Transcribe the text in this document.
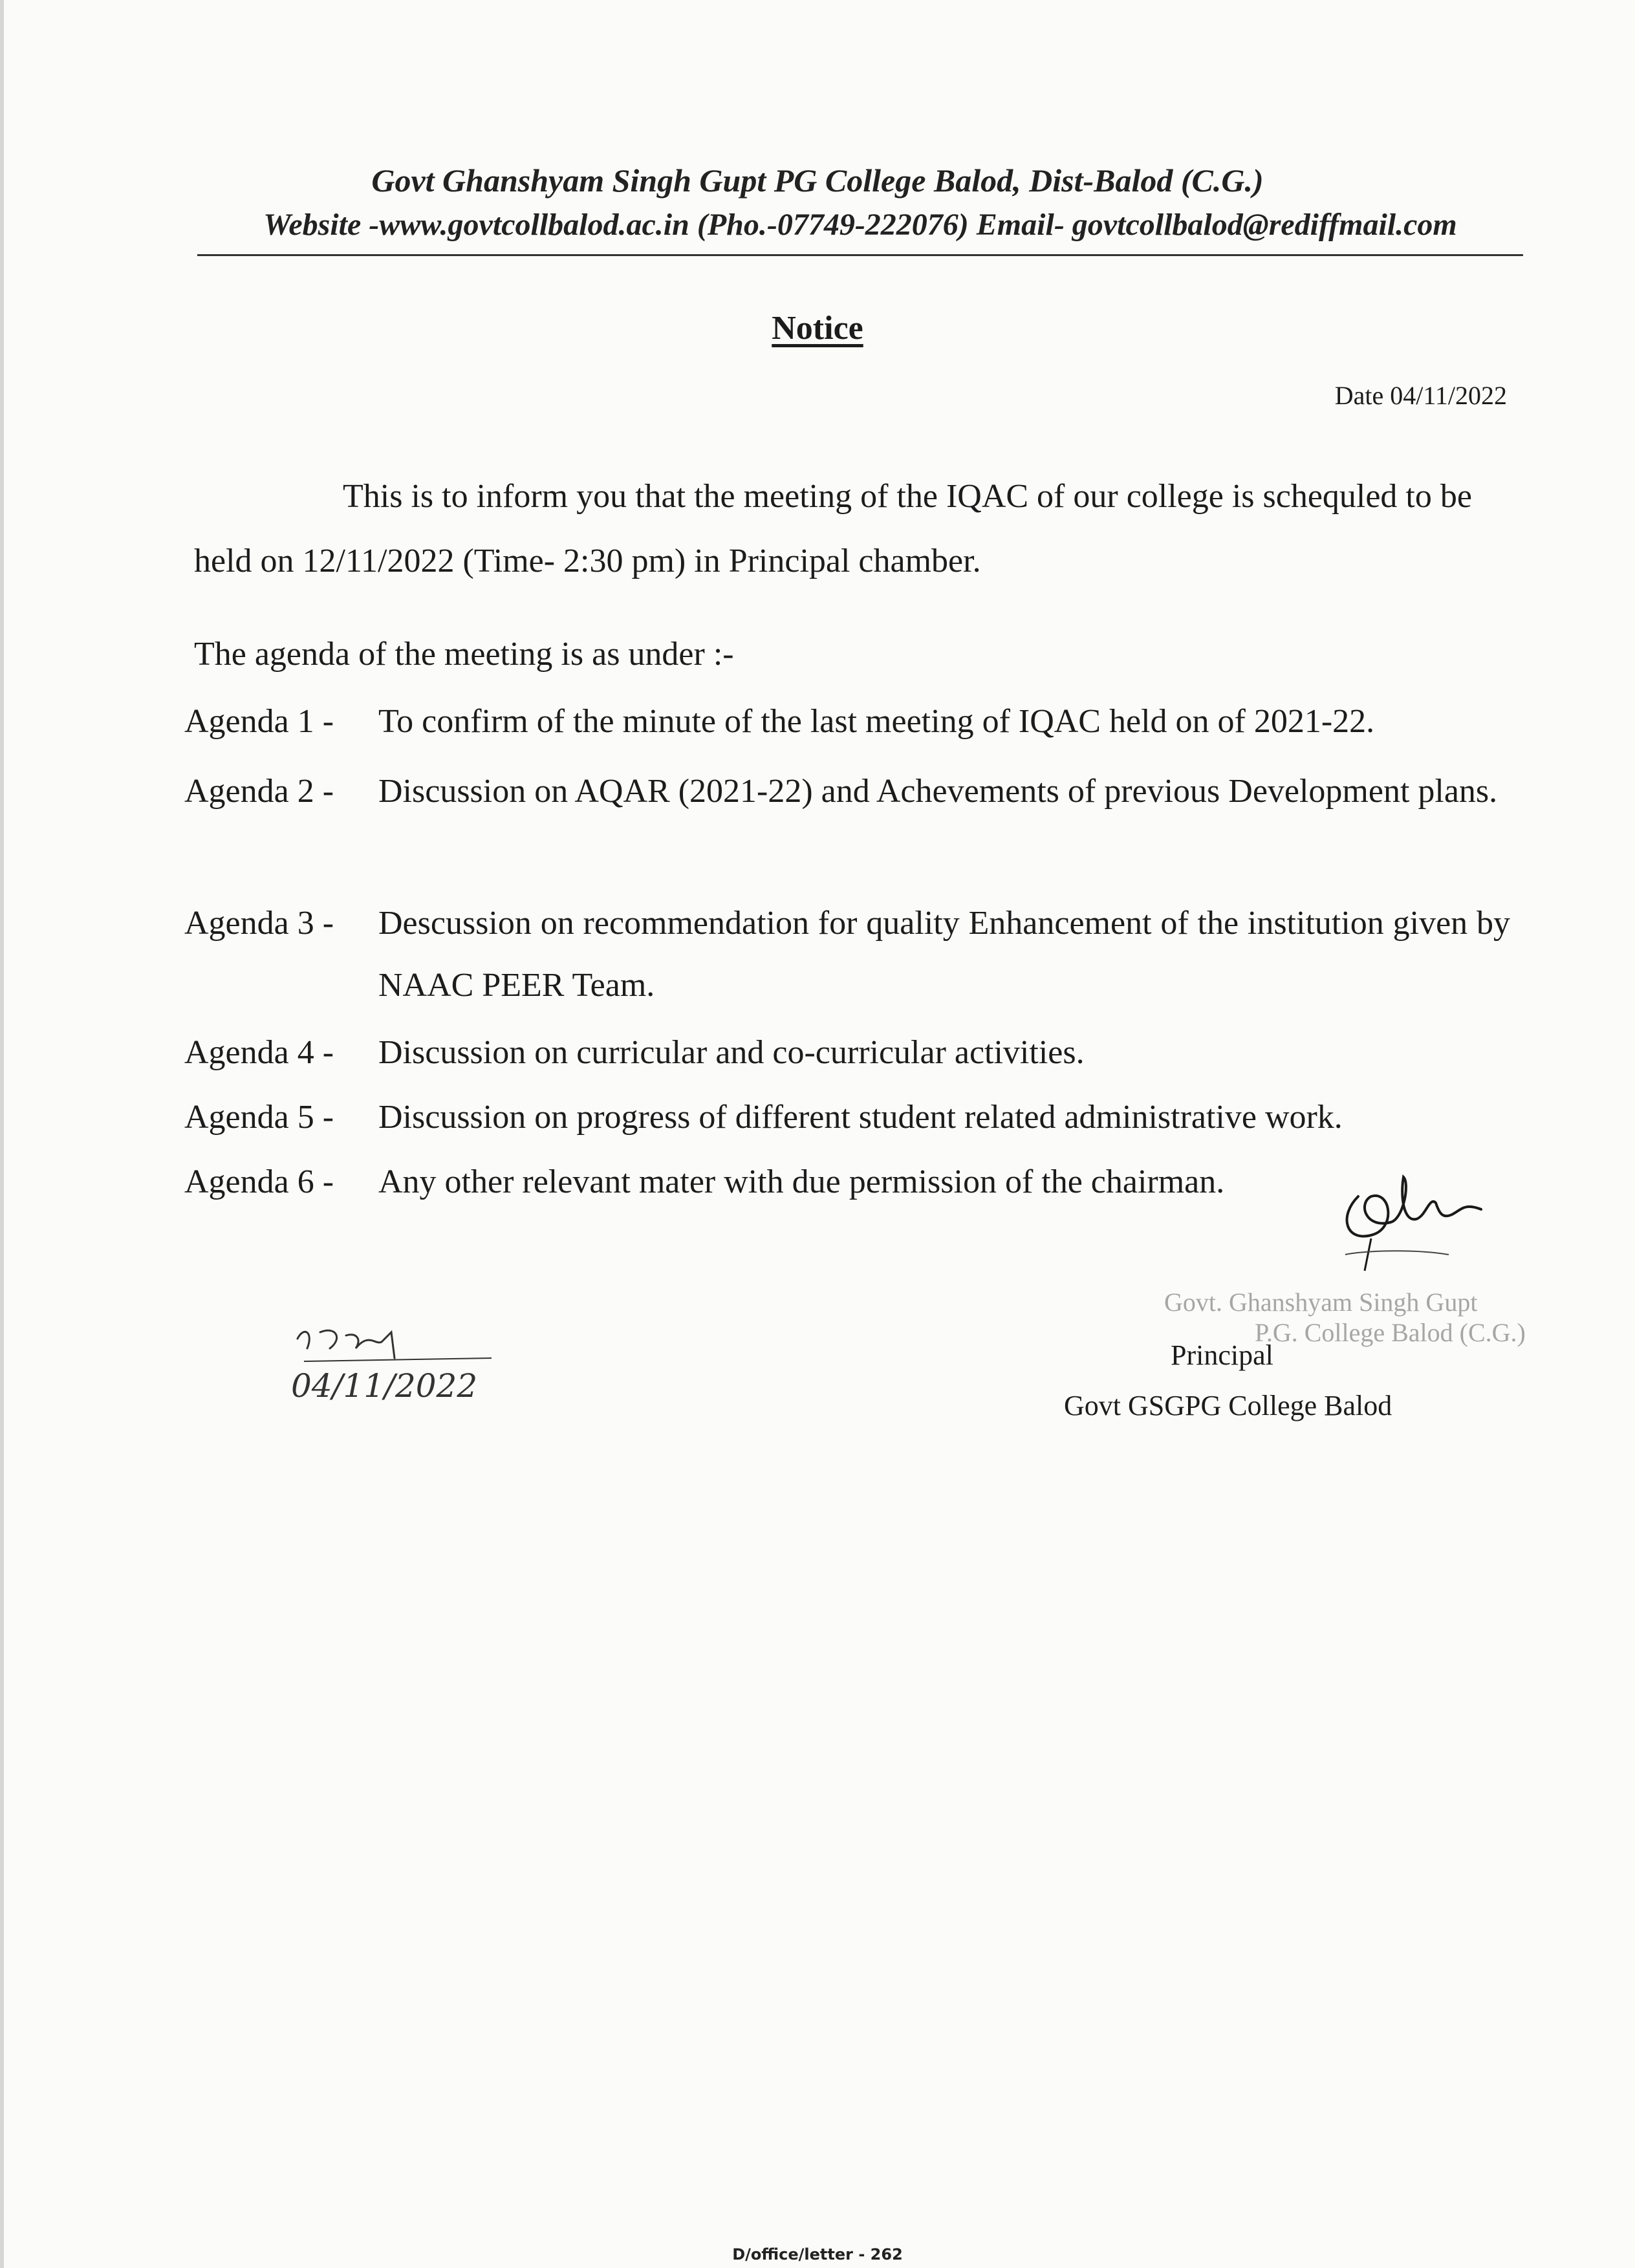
Govt Ghanshyam Singh Gupt PG College Balod, Dist-Balod (C.G.)
Website -www.govtcollbalod.ac.in (Pho.-07749-222076) Email- govtcollbalod@rediffmail.com
Notice
Date 04/11/2022
This is to inform you that the meeting of the IQAC of our college is schequled to be held on 12/11/2022 (Time- 2:30 pm) in Principal chamber.
The agenda of the meeting is as under :-
Agenda 1 - To confirm of the minute of the last meeting of IQAC held on of 2021-22.
Agenda 2 - Discussion on AQAR (2021-22) and Achevements of previous Development plans.
Agenda 3 - Descussion on recommendation for quality Enhancement of the institution given by NAAC PEER Team.
Agenda 4 - Discussion on curricular and co-curricular activities.
Agenda 5 - Discussion on progress of different student related administrative work.
Agenda 6 - Any other relevant mater with due permission of the chairman.
Govt. Ghanshyam Singh Gupt
P.G. College Balod (C.G.)
Principal
Govt GSGPG College Balod
04/11/2022
D/office/letter - 262
